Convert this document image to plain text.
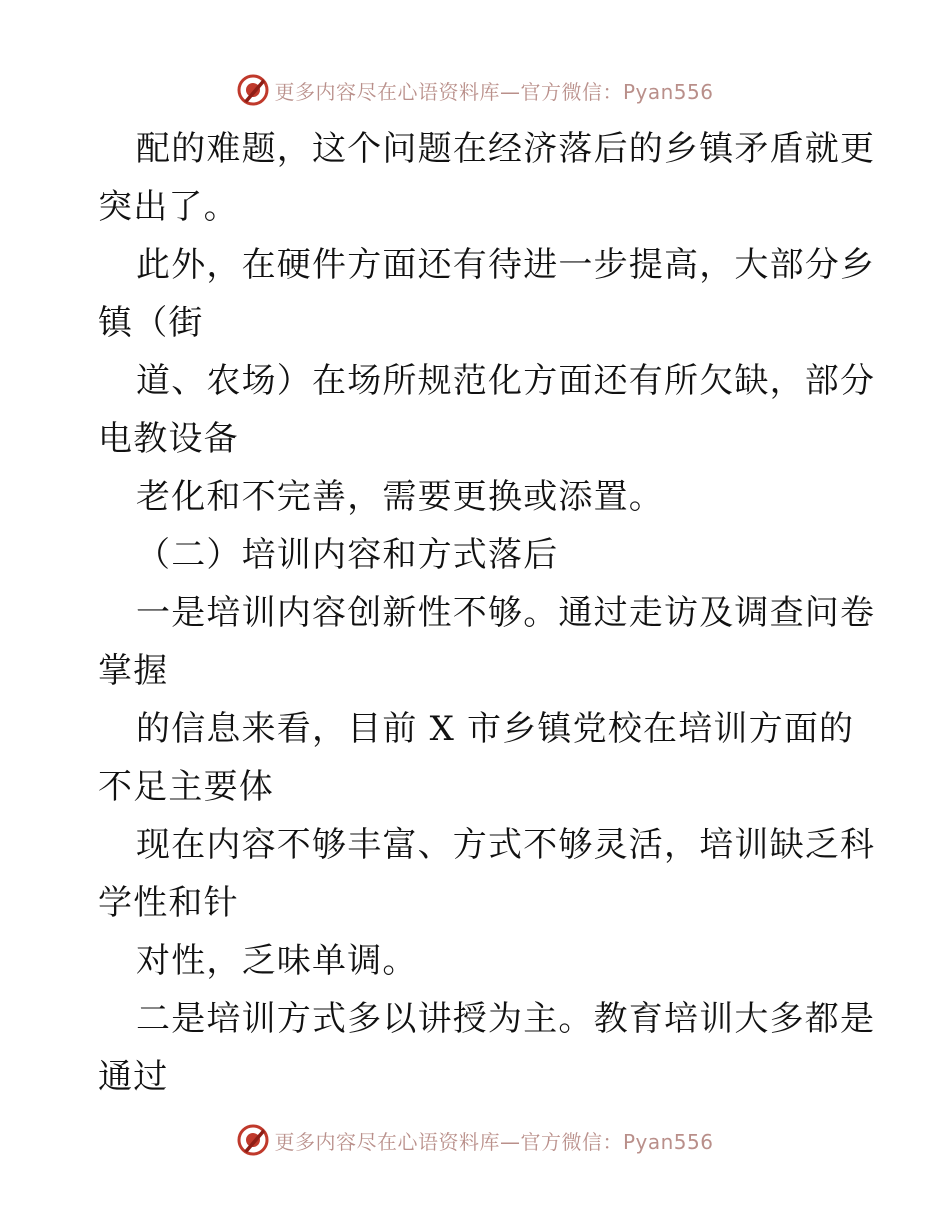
更多内容尽在心语资料库—官方微信：Pyan556
配的难题，这个问题在经济落后的乡镇矛盾就更
突出了。
此外，在硬件方面还有待进一步提高，大部分乡
镇（街
道、农场）在场所规范化方面还有所欠缺，部分
电教设备
老化和不完善，需要更换或添置。
（二）培训内容和方式落后
一是培训内容创新性不够。通过走访及调查问卷
掌握
的信息来看，目前 X 市乡镇党校在培训方面的
不足主要体
现在内容不够丰富、方式不够灵活，培训缺乏科
学性和针
对性，乏味单调。
二是培训方式多以讲授为主。教育培训大多都是
通过
更多内容尽在心语资料库—官方微信：Pyan556
